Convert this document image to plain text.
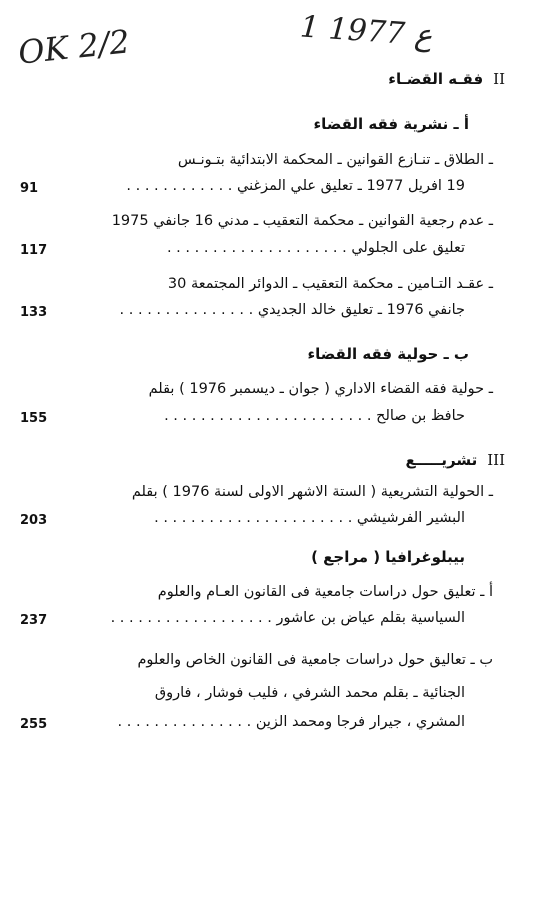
OK 2/2	1 ع 1977
IIفقـه القضـاء
أ ـ نشرية فقه القضاء
ـ الطلاق ـ تنـازع القوانين ـ المحكمة الابتدائية بتـونـس
19 افريل 1977 ـ تعليق علي المزغني . . . . . . . . . . . .
91
ـ عدم رجعية القوانين ـ محكمة التعقيب ـ مدني 16 جانفي 1975
تعليق على الجلولي . . . . . . . . . . . . . . . . . . . .
117
ـ عقـد التـامين ـ محكمة التعقيب ـ الدوائر المجتمعة 30
جانفي 1976 ـ تعليق خالد الجديدي . . . . . . . . . . . . . . .
133
ب ـ حولية فقه القضاء
ـ حولية فقه القضاء الاداري ( جوان ـ ديسمبر 1976 ) بقلم
حافظ بن صالح . . . . . . . . . . . . . . . . . . . . . . .
155
IIIتشريـــــع
ـ الحولية التشريعية ( الستة الاشهر الاولى لسنة 1976 ) بقلم
البشير الفرشيشي . . . . . . . . . . . . . . . . . . . . . .
203
بيبلوغرافيا ( مراجع )
أ ـ تعليق حول دراسات جامعية فى القانون العـام والعلوم
السياسية بقلم عياض بن عاشور . . . . . . . . . . . . . . . . . .
237
ب ـ تعاليق حول دراسات جامعية فى القانون الخاص والعلوم
الجنائية ـ بقلم محمد الشرفي ، فليب فوشار ، فاروق
المشري ، جيرار فرجا ومحمد الزين . . . . . . . . . . . . . . .
255
